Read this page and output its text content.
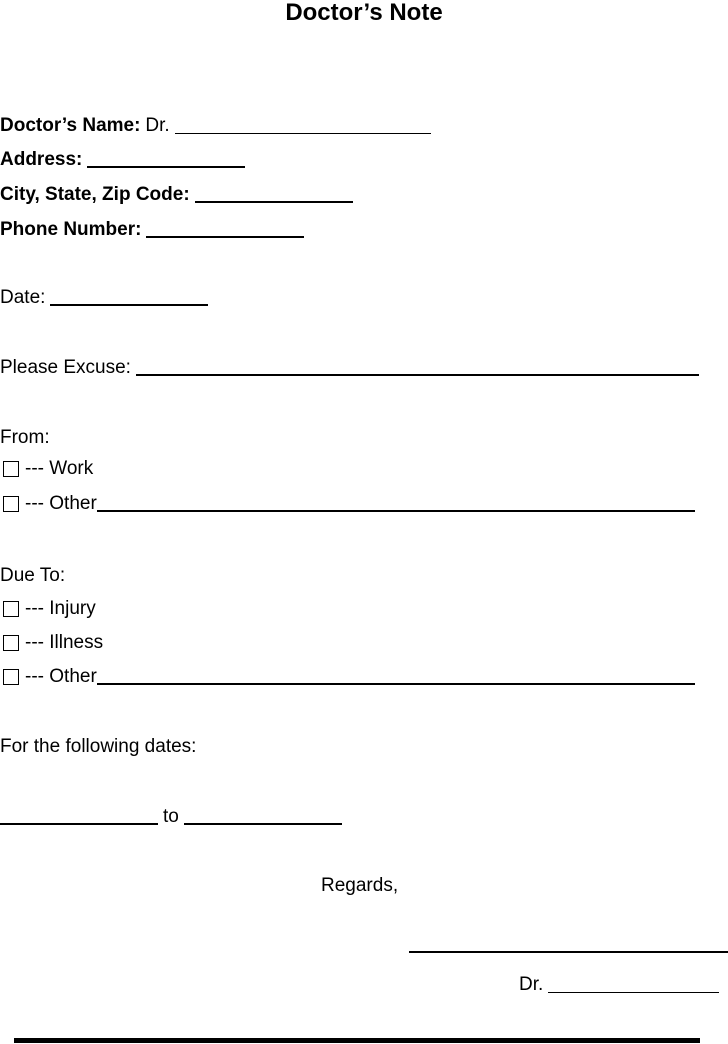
Doctor’s Note
Doctor’s Name: Dr.
Address:
City, State, Zip Code:
Phone Number:
Date:
Please Excuse:
From:
--- Work
--- Other
Due To:
--- Injury
--- Illness
--- Other
For the following dates:
to
Regards,
Dr.
